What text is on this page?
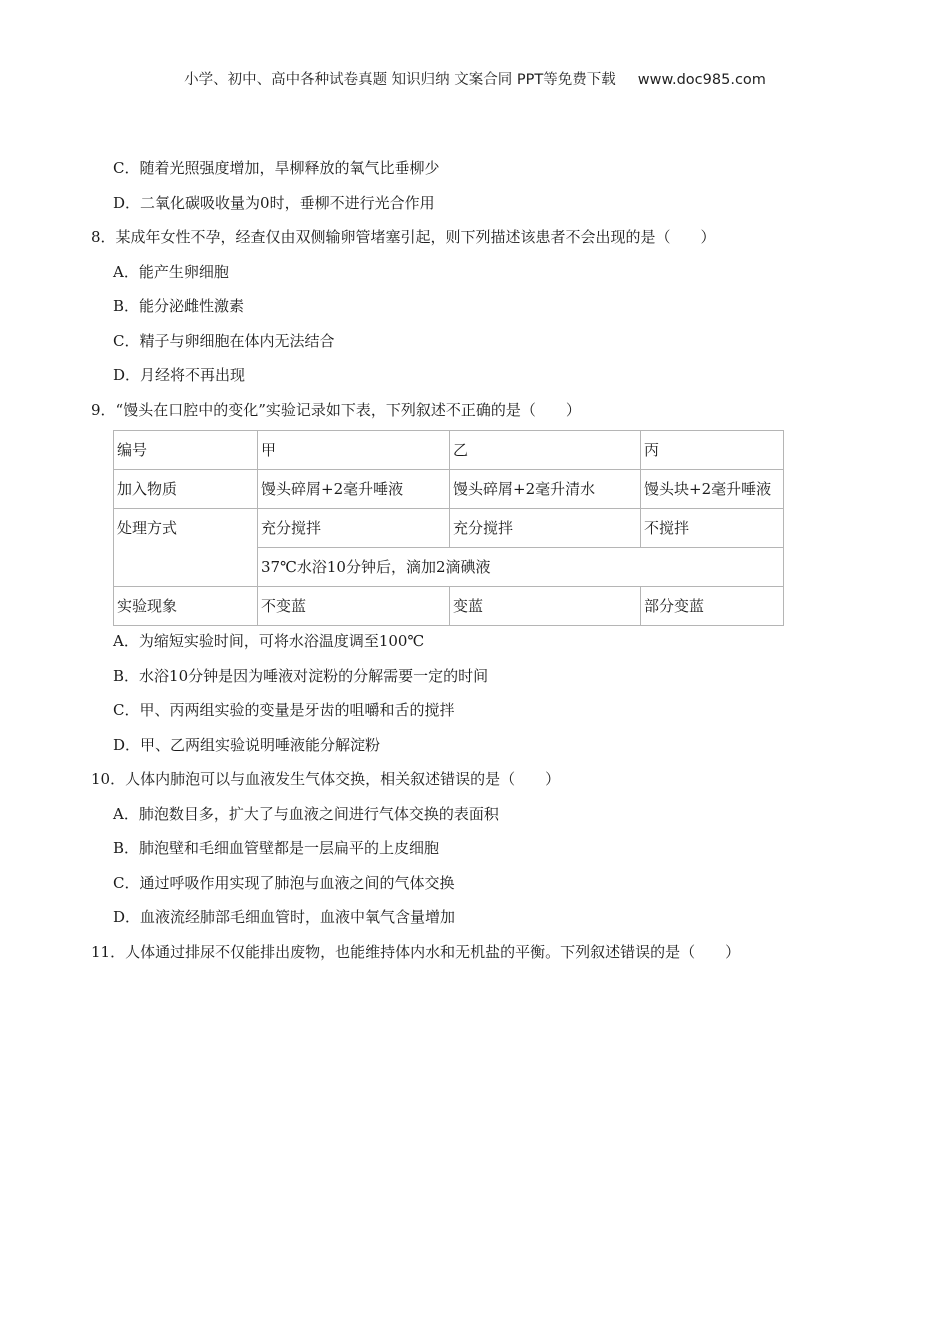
小学、初中、高中各种试卷真题 知识归纳 文案合同 PPT等免费下载 www.doc985.com
C．随着光照强度增加，旱柳释放的氧气比垂柳少
D．二氧化碳吸收量为0时，垂柳不进行光合作用
8．某成年女性不孕，经查仅由双侧输卵管堵塞引起，则下列描述该患者不会出现的是（　　）
A．能产生卵细胞
B．能分泌雌性激素
C．精子与卵细胞在体内无法结合
D．月经将不再出现
9．“馒头在口腔中的变化”实验记录如下表，下列叙述不正确的是（　　）
编号	甲	乙	丙
加入物质	馒头碎屑+2毫升唾液	馒头碎屑+2毫升清水	馒头块+2毫升唾液
处理方式	充分搅拌	充分搅拌	不搅拌
	37℃水浴10分钟后，滴加2滴碘液		
实验现象	不变蓝	变蓝	部分变蓝
A．为缩短实验时间，可将水浴温度调至100℃
B．水浴10分钟是因为唾液对淀粉的分解需要一定的时间
C．甲、丙两组实验的变量是牙齿的咀嚼和舌的搅拌
D．甲、乙两组实验说明唾液能分解淀粉
10．人体内肺泡可以与血液发生气体交换，相关叙述错误的是（　　）
A．肺泡数目多，扩大了与血液之间进行气体交换的表面积
B．肺泡壁和毛细血管壁都是一层扁平的上皮细胞
C．通过呼吸作用实现了肺泡与血液之间的气体交换
D．血液流经肺部毛细血管时，血液中氧气含量增加
11．人体通过排尿不仅能排出废物，也能维持体内水和无机盐的平衡。下列叙述错误的是（　　）
